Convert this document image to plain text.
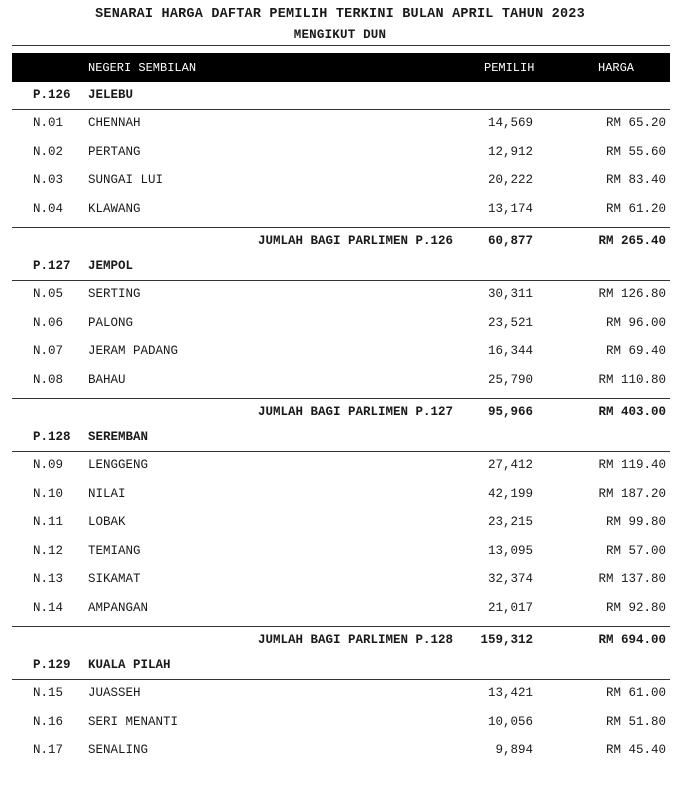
SENARAI HARGA DAFTAR PEMILIH TERKINI BULAN APRIL TAHUN 2023
MENGIKUT DUN
NEGERI SEMBILAN	PEMILIH	HARGA
P.126 JELEBU
N.01 CHENNAH	14,569	RM 65.20
N.02 PERTANG	12,912	RM 55.60
N.03 SUNGAI LUI	20,222	RM 83.40
N.04 KLAWANG	13,174	RM 61.20
JUMLAH BAGI PARLIMEN P.126	60,877	RM 265.40
P.127 JEMPOL
N.05 SERTING	30,311	RM 126.80
N.06 PALONG	23,521	RM 96.00
N.07 JERAM PADANG	16,344	RM 69.40
N.08 BAHAU	25,790	RM 110.80
JUMLAH BAGI PARLIMEN P.127	95,966	RM 403.00
P.128 SEREMBAN
N.09 LENGGENG	27,412	RM 119.40
N.10 NILAI	42,199	RM 187.20
N.11 LOBAK	23,215	RM 99.80
N.12 TEMIANG	13,095	RM 57.00
N.13 SIKAMAT	32,374	RM 137.80
N.14 AMPANGAN	21,017	RM 92.80
JUMLAH BAGI PARLIMEN P.128 159,312	RM 694.00
P.129 KUALA PILAH
N.15 JUASSEH	13,421	RM 61.00
N.16 SERI MENANTI	10,056	RM 51.80
N.17 SENALING	9,894	RM 45.40
